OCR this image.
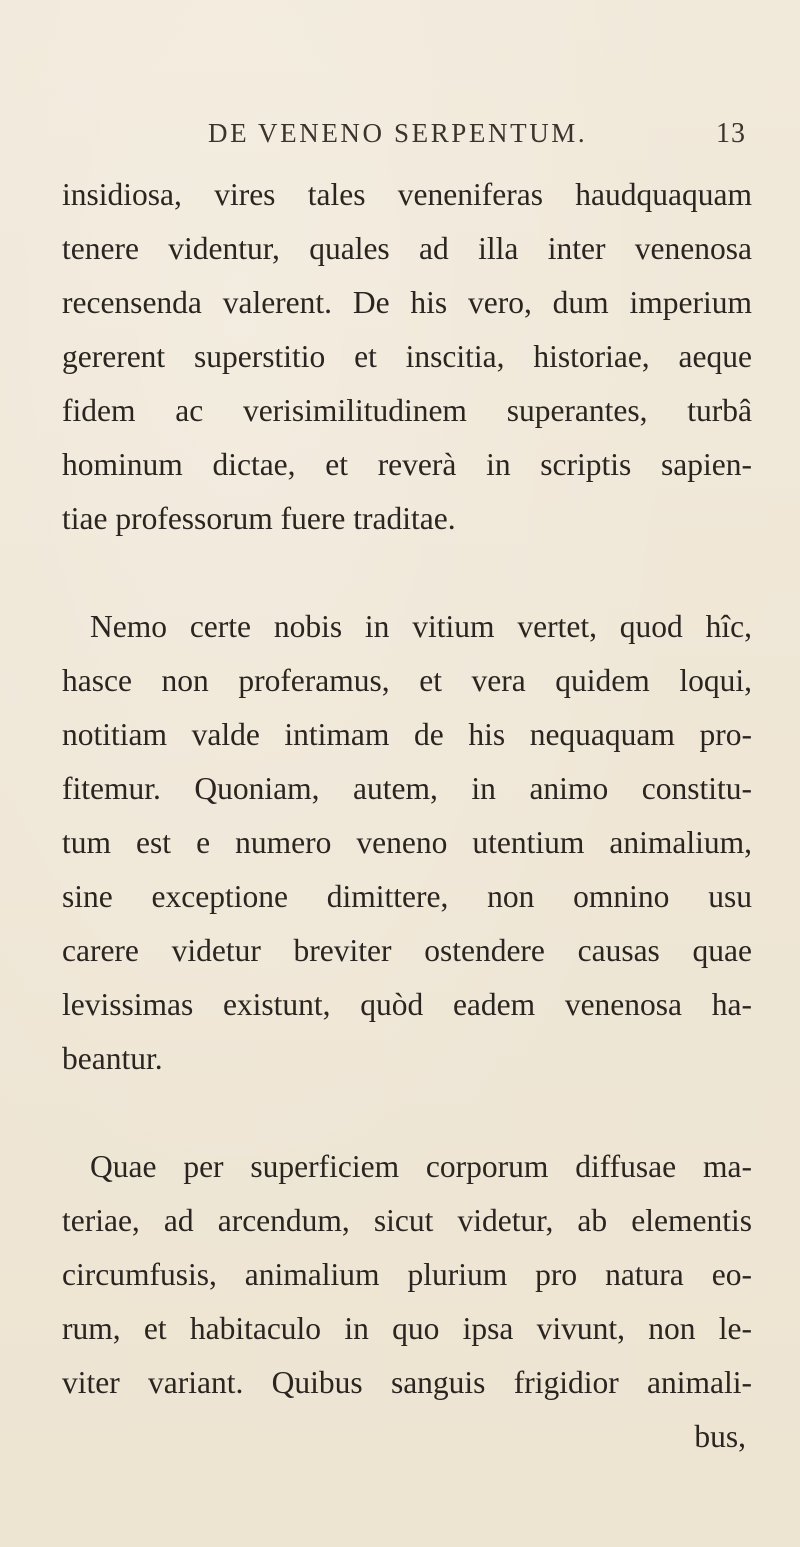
DE VENENO SERPENTUM.	13
insidiosa, vires tales veneniferas haudquaquam
tenere videntur, quales ad illa inter venenosa
recensenda valerent. De his vero, dum imperium
gererent superstitio et inscitia, historiae, aeque
fidem ac verisimilitudinem superantes, turbâ
hominum dictae, et reverà in scriptis sapien-
tiae professorum fuere traditae.
Nemo certe nobis in vitium vertet, quod hîc,
hasce non proferamus, et vera quidem loqui,
notitiam valde intimam de his nequaquam pro-
fitemur. Quoniam, autem, in animo constitu-
tum est e numero veneno utentium animalium,
sine exceptione dimittere, non omnino usu
carere videtur breviter ostendere causas quae
levissimas existunt, quòd eadem venenosa ha-
beantur.
Quae per superficiem corporum diffusae ma-
teriae, ad arcendum, sicut videtur, ab elementis
circumfusis, animalium plurium pro natura eo-
rum, et habitaculo in quo ipsa vivunt, non le-
viter variant. Quibus sanguis frigidior animali-
bus,
